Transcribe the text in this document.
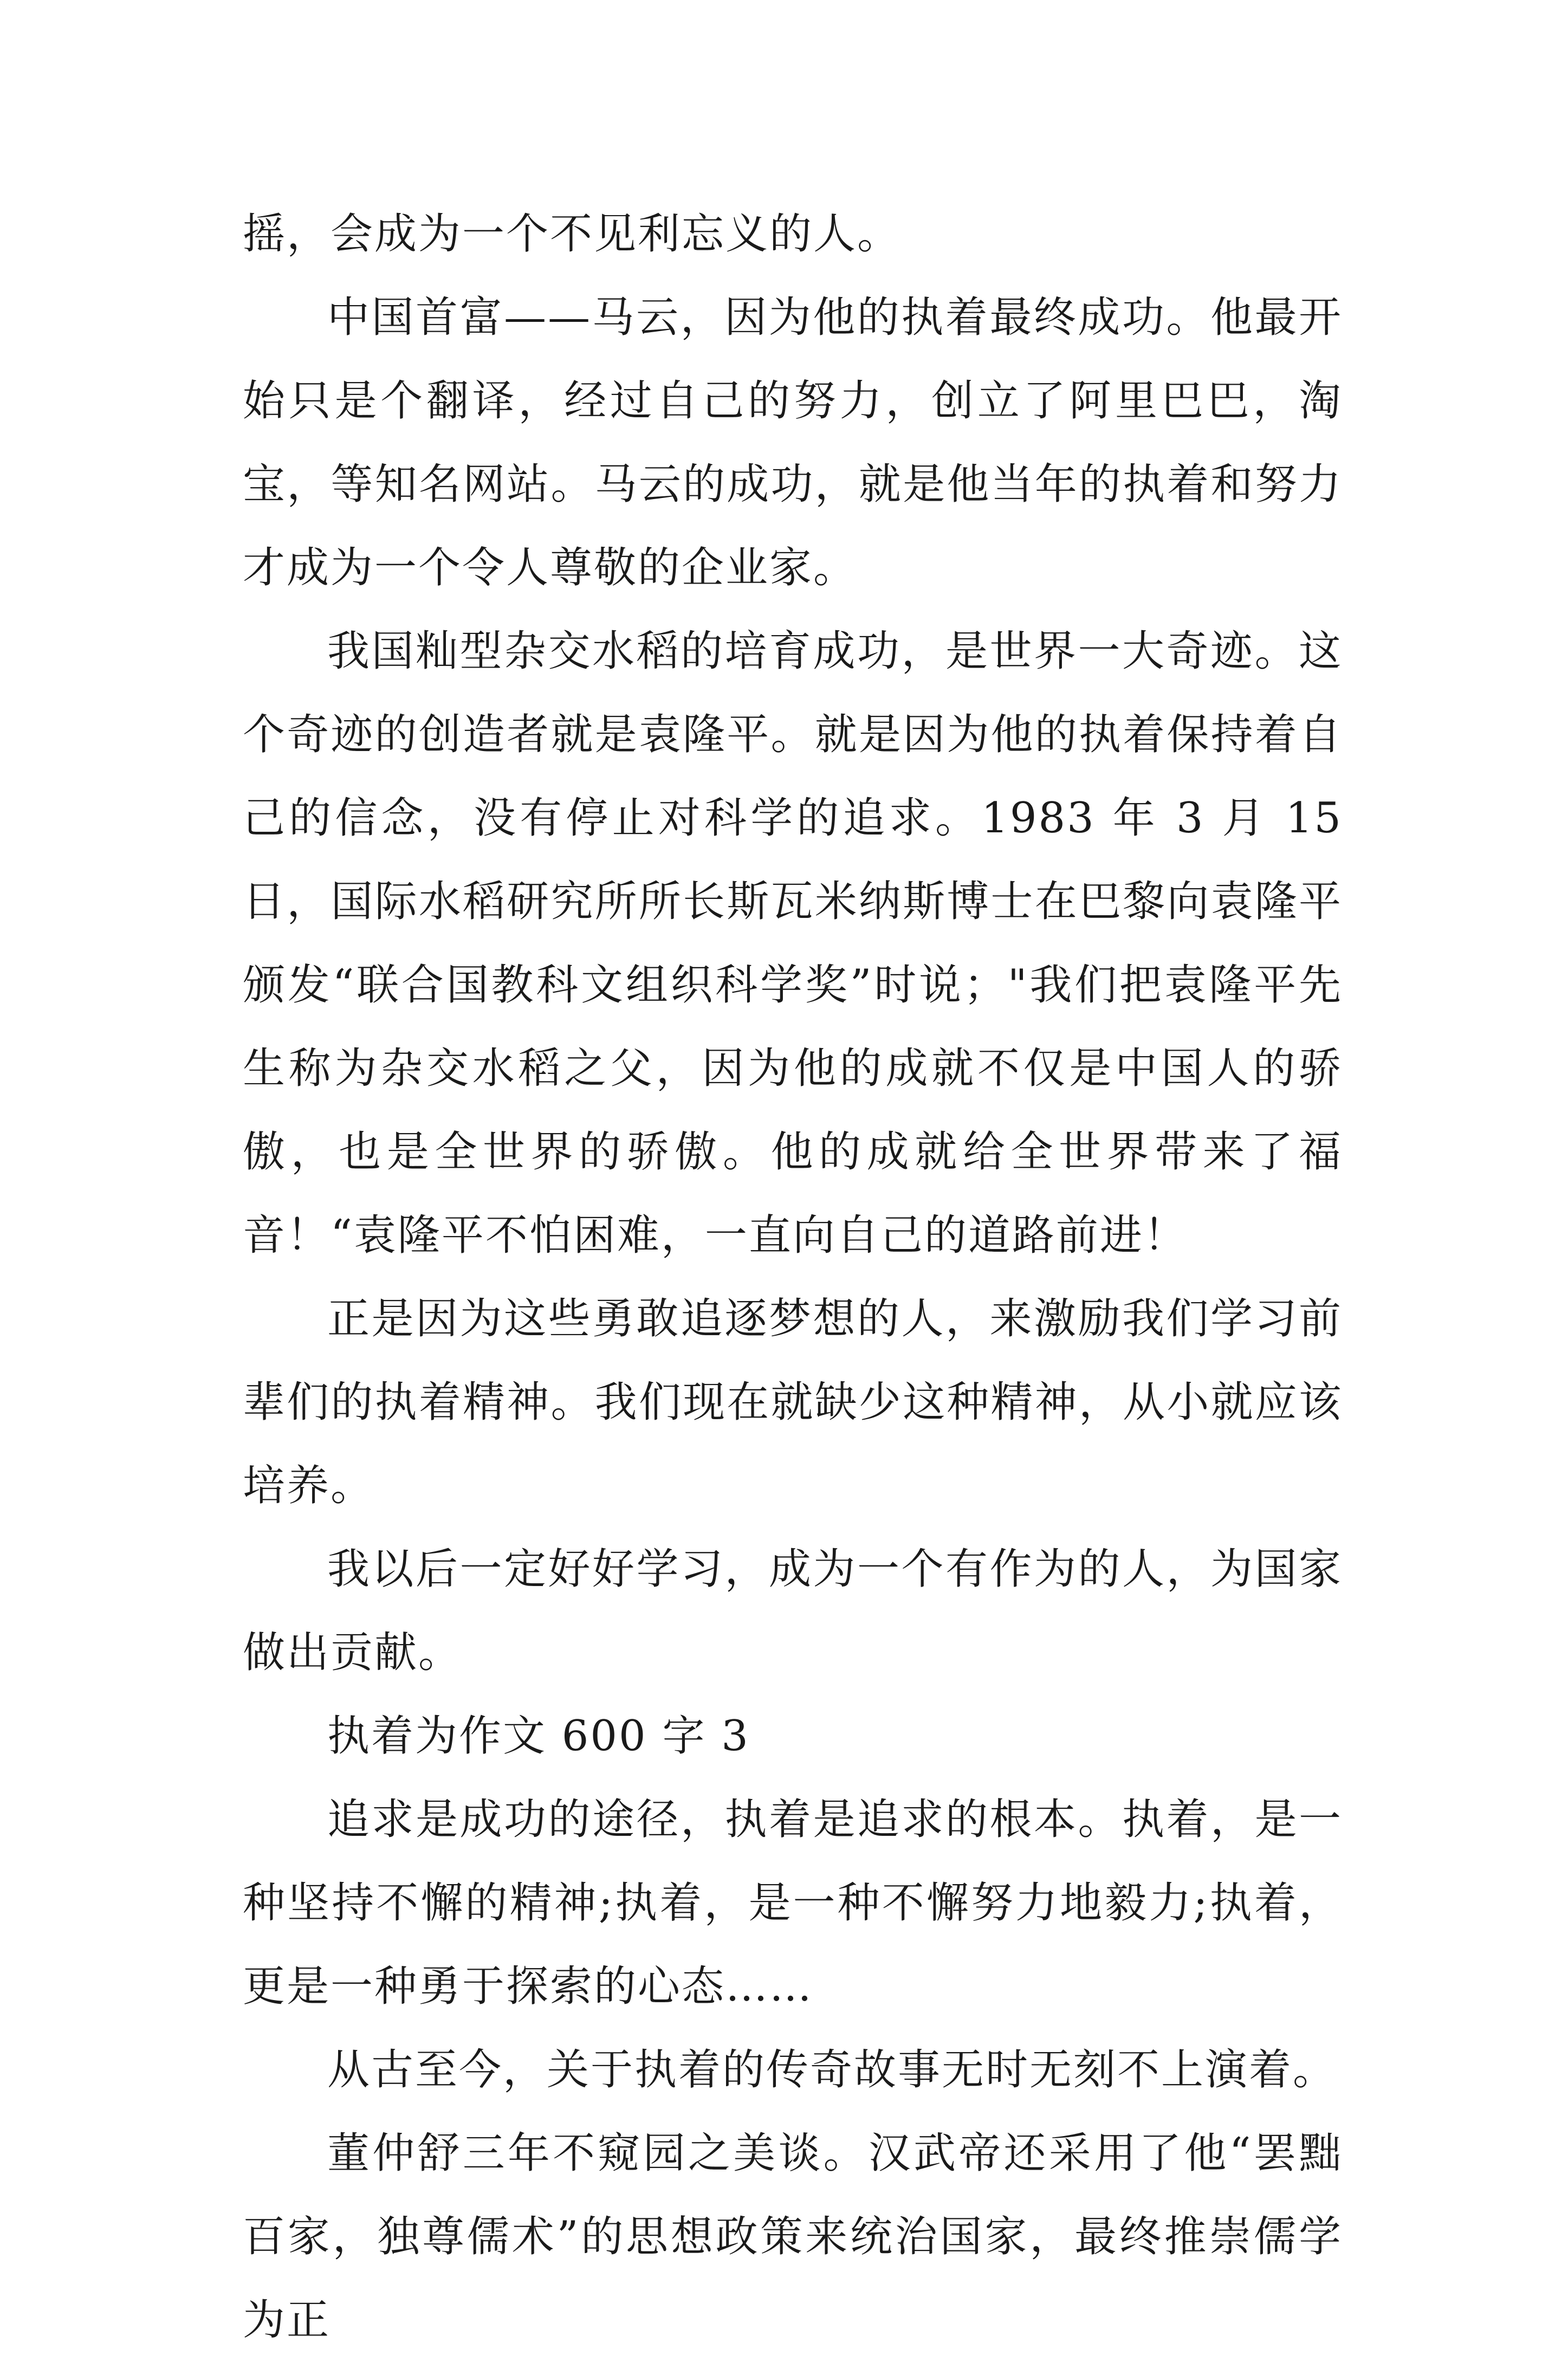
摇，会成为一个不见利忘义的人。

中国首富——马云，因为他的执着最终成功。他最开始只是个翻译，经过自己的努力，创立了阿里巴巴，淘宝，等知名网站。马云的成功，就是他当年的执着和努力才成为一个令人尊敬的企业家。

我国籼型杂交水稻的培育成功，是世界一大奇迹。这个奇迹的创造者就是袁隆平。就是因为他的执着保持着自己的信念，没有停止对科学的追求。1983 年 3 月 15 日，国际水稻研究所所长斯瓦米纳斯博士在巴黎向袁隆平颁发“联合国教科文组织科学奖”时说；"我们把袁隆平先生称为杂交水稻之父，因为他的成就不仅是中国人的骄傲，也是全世界的骄傲。他的成就给全世界带来了福音！“袁隆平不怕困难，一直向自己的道路前进！

正是因为这些勇敢追逐梦想的人，来激励我们学习前辈们的执着精神。我们现在就缺少这种精神，从小就应该培养。

我以后一定好好学习，成为一个有作为的人，为国家做出贡献。

执着为作文 600 字 3

追求是成功的途径，执着是追求的根本。执着，是一种坚持不懈的精神;执着，是一种不懈努力地毅力;执着，更是一种勇于探索的心态……

从古至今，关于执着的传奇故事无时无刻不上演着。

董仲舒三年不窥园之美谈。汉武帝还采用了他“罢黜百家，独尊儒术”的思想政策来统治国家，最终推崇儒学为正
